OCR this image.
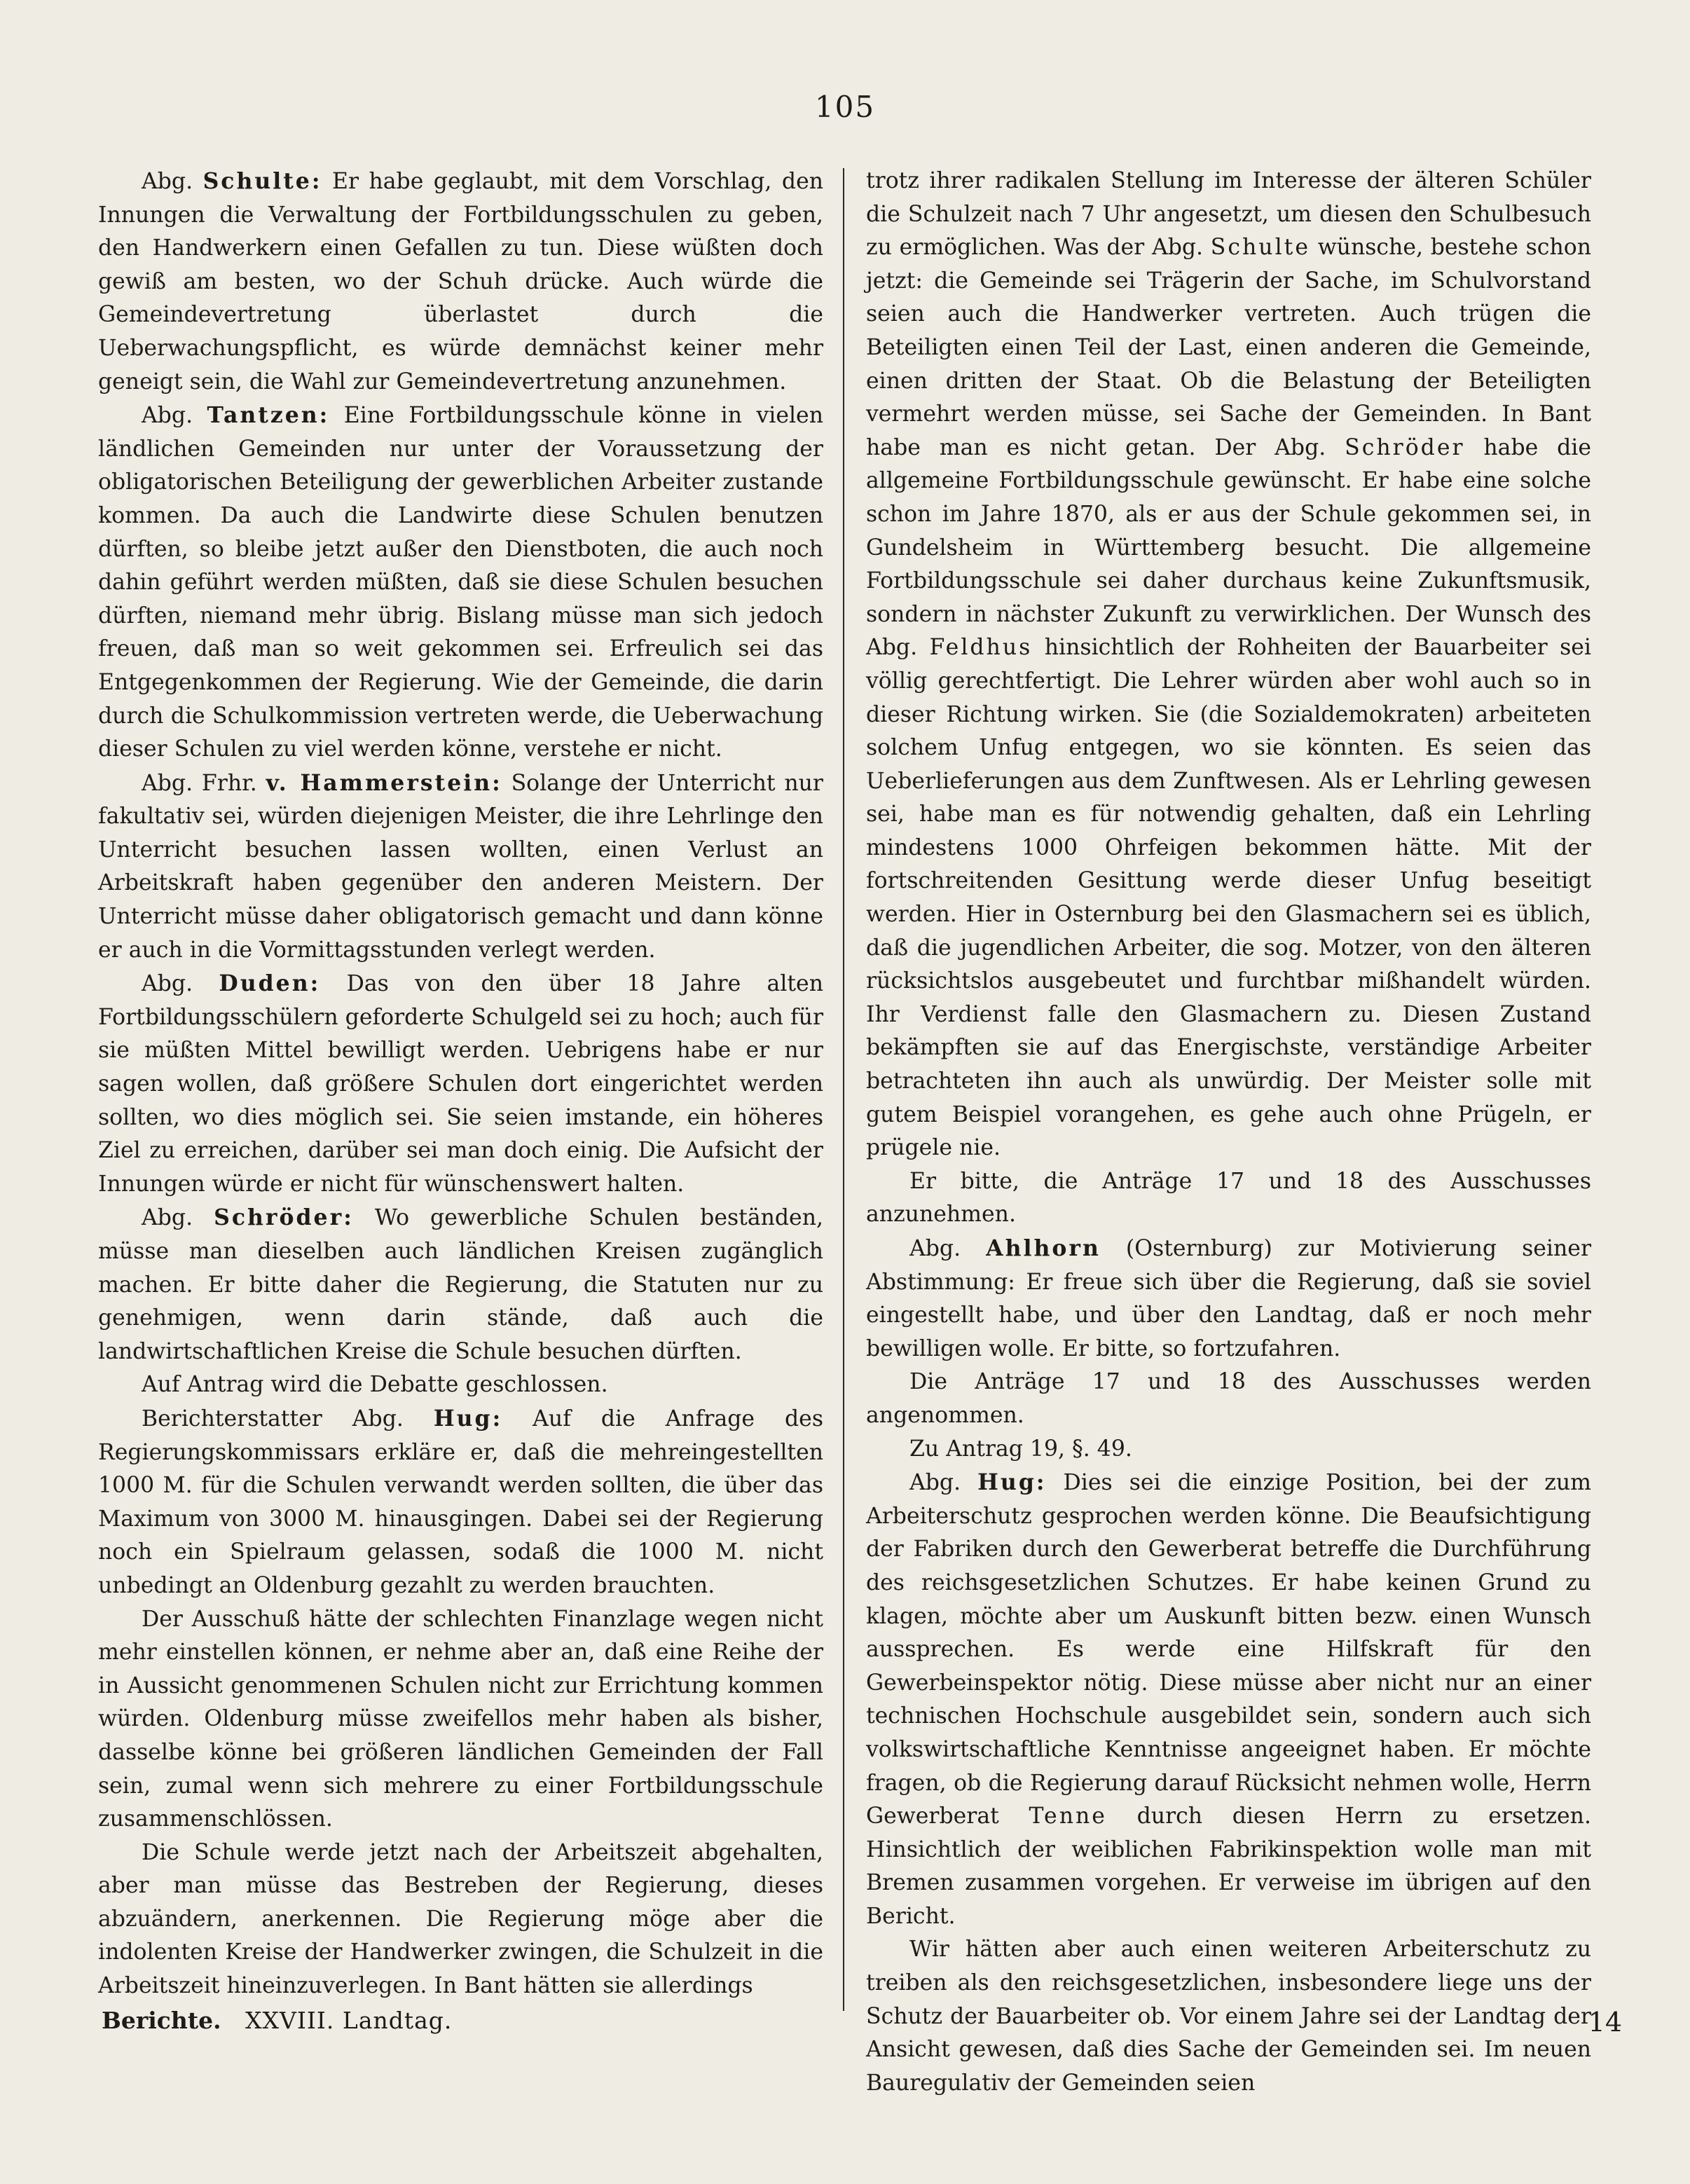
105

Abg. Schulte: Er habe geglaubt, mit dem Vorschlag, den Innungen die Verwaltung der Fortbildungsschulen zu geben, den Handwerkern einen Gefallen zu tun. Diese wüßten doch gewiß am besten, wo der Schuh drücke. Auch würde die Gemeindevertretung überlastet durch die Ueberwachungspflicht, es würde demnächst keiner mehr geneigt sein, die Wahl zur Gemeindevertretung anzunehmen.

Abg. Tantzen: Eine Fortbildungsschule könne in vielen ländlichen Gemeinden nur unter der Voraussetzung der obligatorischen Beteiligung der gewerblichen Arbeiter zustande kommen. Da auch die Landwirte diese Schulen benutzen dürften, so bleibe jetzt außer den Dienstboten, die auch noch dahin geführt werden müßten, daß sie diese Schulen besuchen dürften, niemand mehr übrig. Bislang müsse man sich jedoch freuen, daß man so weit gekommen sei. Erfreulich sei das Entgegenkommen der Regierung. Wie der Gemeinde, die darin durch die Schulkommission vertreten werde, die Ueberwachung dieser Schulen zu viel werden könne, verstehe er nicht.

Abg. Frhr. v. Hammerstein: Solange der Unterricht nur fakultativ sei, würden diejenigen Meister, die ihre Lehrlinge den Unterricht besuchen lassen wollten, einen Verlust an Arbeitskraft haben gegenüber den anderen Meistern. Der Unterricht müsse daher obligatorisch gemacht und dann könne er auch in die Vormittagsstunden verlegt werden.

Abg. Duden: Das von den über 18 Jahre alten Fortbildungsschülern geforderte Schulgeld sei zu hoch; auch für sie müßten Mittel bewilligt werden. Uebrigens habe er nur sagen wollen, daß größere Schulen dort eingerichtet werden sollten, wo dies möglich sei. Sie seien imstande, ein höheres Ziel zu erreichen, darüber sei man doch einig. Die Aufsicht der Innungen würde er nicht für wünschenswert halten.

Abg. Schröder: Wo gewerbliche Schulen beständen, müsse man dieselben auch ländlichen Kreisen zugänglich machen. Er bitte daher die Regierung, die Statuten nur zu genehmigen, wenn darin stände, daß auch die landwirtschaftlichen Kreise die Schule besuchen dürften.

Auf Antrag wird die Debatte geschlossen.

Berichterstatter Abg. Hug: Auf die Anfrage des Regierungskommissars erkläre er, daß die mehreingestellten 1000 M. für die Schulen verwandt werden sollten, die über das Maximum von 3000 M. hinausgingen. Dabei sei der Regierung noch ein Spielraum gelassen, sodaß die 1000 M. nicht unbedingt an Oldenburg gezahlt zu werden brauchten.

Der Ausschuß hätte der schlechten Finanzlage wegen nicht mehr einstellen können, er nehme aber an, daß eine Reihe der in Aussicht genommenen Schulen nicht zur Errichtung kommen würden. Oldenburg müsse zweifellos mehr haben als bisher, dasselbe könne bei größeren ländlichen Gemeinden der Fall sein, zumal wenn sich mehrere zu einer Fortbildungsschule zusammenschlössen.

Die Schule werde jetzt nach der Arbeitszeit abgehalten, aber man müsse das Bestreben der Regierung, dieses abzuändern, anerkennen. Die Regierung möge aber die indolenten Kreise der Handwerker zwingen, die Schulzeit in die Arbeitszeit hineinzuverlegen. In Bant hätten sie allerdings

trotz ihrer radikalen Stellung im Interesse der älteren Schüler die Schulzeit nach 7 Uhr angesetzt, um diesen den Schulbesuch zu ermöglichen. Was der Abg. Schulte wünsche, bestehe schon jetzt: die Gemeinde sei Trägerin der Sache, im Schulvorstand seien auch die Handwerker vertreten. Auch trügen die Beteiligten einen Teil der Last, einen anderen die Gemeinde, einen dritten der Staat. Ob die Belastung der Beteiligten vermehrt werden müsse, sei Sache der Gemeinden. In Bant habe man es nicht getan. Der Abg. Schröder habe die allgemeine Fortbildungsschule gewünscht. Er habe eine solche schon im Jahre 1870, als er aus der Schule gekommen sei, in Gundelsheim in Württemberg besucht. Die allgemeine Fortbildungsschule sei daher durchaus keine Zukunftsmusik, sondern in nächster Zukunft zu verwirklichen. Der Wunsch des Abg. Feldhus hinsichtlich der Rohheiten der Bauarbeiter sei völlig gerechtfertigt. Die Lehrer würden aber wohl auch so in dieser Richtung wirken. Sie (die Sozialdemokraten) arbeiteten solchem Unfug entgegen, wo sie könnten. Es seien das Ueberlieferungen aus dem Zunftwesen. Als er Lehrling gewesen sei, habe man es für notwendig gehalten, daß ein Lehrling mindestens 1000 Ohrfeigen bekommen hätte. Mit der fortschreitenden Gesittung werde dieser Unfug beseitigt werden. Hier in Osternburg bei den Glasmachern sei es üblich, daß die jugendlichen Arbeiter, die sog. Motzer, von den älteren rücksichtslos ausgebeutet und furchtbar mißhandelt würden. Ihr Verdienst falle den Glasmachern zu. Diesen Zustand bekämpften sie auf das Energischste, verständige Arbeiter betrachteten ihn auch als unwürdig. Der Meister solle mit gutem Beispiel vorangehen, es gehe auch ohne Prügeln, er prügele nie.

Er bitte, die Anträge 17 und 18 des Ausschusses anzunehmen.

Abg. Ahlhorn (Osternburg) zur Motivierung seiner Abstimmung: Er freue sich über die Regierung, daß sie soviel eingestellt habe, und über den Landtag, daß er noch mehr bewilligen wolle. Er bitte, so fortzufahren.

Die Anträge 17 und 18 des Ausschusses werden angenommen.

Zu Antrag 19, §. 49.

Abg. Hug: Dies sei die einzige Position, bei der zum Arbeiterschutz gesprochen werden könne. Die Beaufsichtigung der Fabriken durch den Gewerberat betreffe die Durchführung des reichsgesetzlichen Schutzes. Er habe keinen Grund zu klagen, möchte aber um Auskunft bitten bezw. einen Wunsch aussprechen. Es werde eine Hilfskraft für den Gewerbeinspektor nötig. Diese müsse aber nicht nur an einer technischen Hochschule ausgebildet sein, sondern auch sich volkswirtschaftliche Kenntnisse angeeignet haben. Er möchte fragen, ob die Regierung darauf Rücksicht nehmen wolle, Herrn Gewerberat Tenne durch diesen Herrn zu ersetzen. Hinsichtlich der weiblichen Fabrikinspektion wolle man mit Bremen zusammen vorgehen. Er verweise im übrigen auf den Bericht.

Wir hätten aber auch einen weiteren Arbeiterschutz zu treiben als den reichsgesetzlichen, insbesondere liege uns der Schutz der Bauarbeiter ob. Vor einem Jahre sei der Landtag der Ansicht gewesen, daß dies Sache der Gemeinden sei. Im neuen Bauregulativ der Gemeinden seien

Berichte. XXVIII. Landtag.	14
